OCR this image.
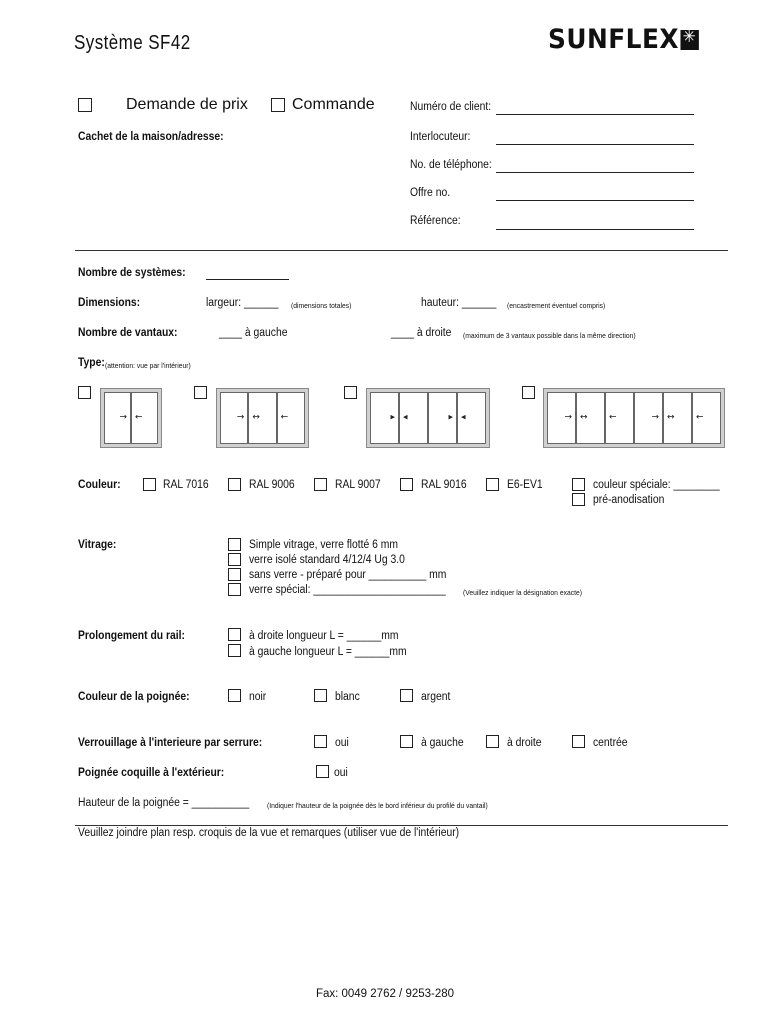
Système SF42	SUNFLEX✳
Demande de prix	Commande
Cachet de la maison/adresse:
Numéro de client:
Interlocuteur:
No. de téléphone:
Offre no.
Référence:
Nombre de systèmes:
Dimensions:	largeur: ______ (dimensions totales)	hauteur: ______ (encastrement éventuel compris)
Nombre de vantaux:	____ à gauche	____ à droite (maximum de 3 vantaux possible dans la même direction)
Type: (attention: vue par l'intérieur)
→ ←	→ ↔ ←	▸ ◂	▸ ◂	→ ↔ ←	→ ↔ ←
Couleur:	RAL 7016	RAL 9006	RAL 9007	RAL 9016	E6-EV1	couleur spéciale: ________
pré-anodisation
Vitrage:	Simple vitrage, verre flotté 6 mm
verre isolé standard 4/12/4 Ug 3.0
sans verre - préparé pour __________ mm
verre spécial: _______________________ (Veuillez indiquer la désignation exacte)
Prolongement du rail:	à droite longueur L = ______mm
à gauche longueur L = ______mm
Couleur de la poignée:	noir	blanc	argent
Verrouillage à l'interieure par serrure:	oui	à gauche	à droite	centrée
Poignée coquille à l'extérieur:	oui
Hauteur de la poignée = __________ (Indiquer l'hauteur de la poignée dès le bord inférieur du profilé du vantail)
Veuillez joindre plan resp. croquis de la vue et remarques (utiliser vue de l'intérieur)
Fax: 0049 2762 / 9253-280
